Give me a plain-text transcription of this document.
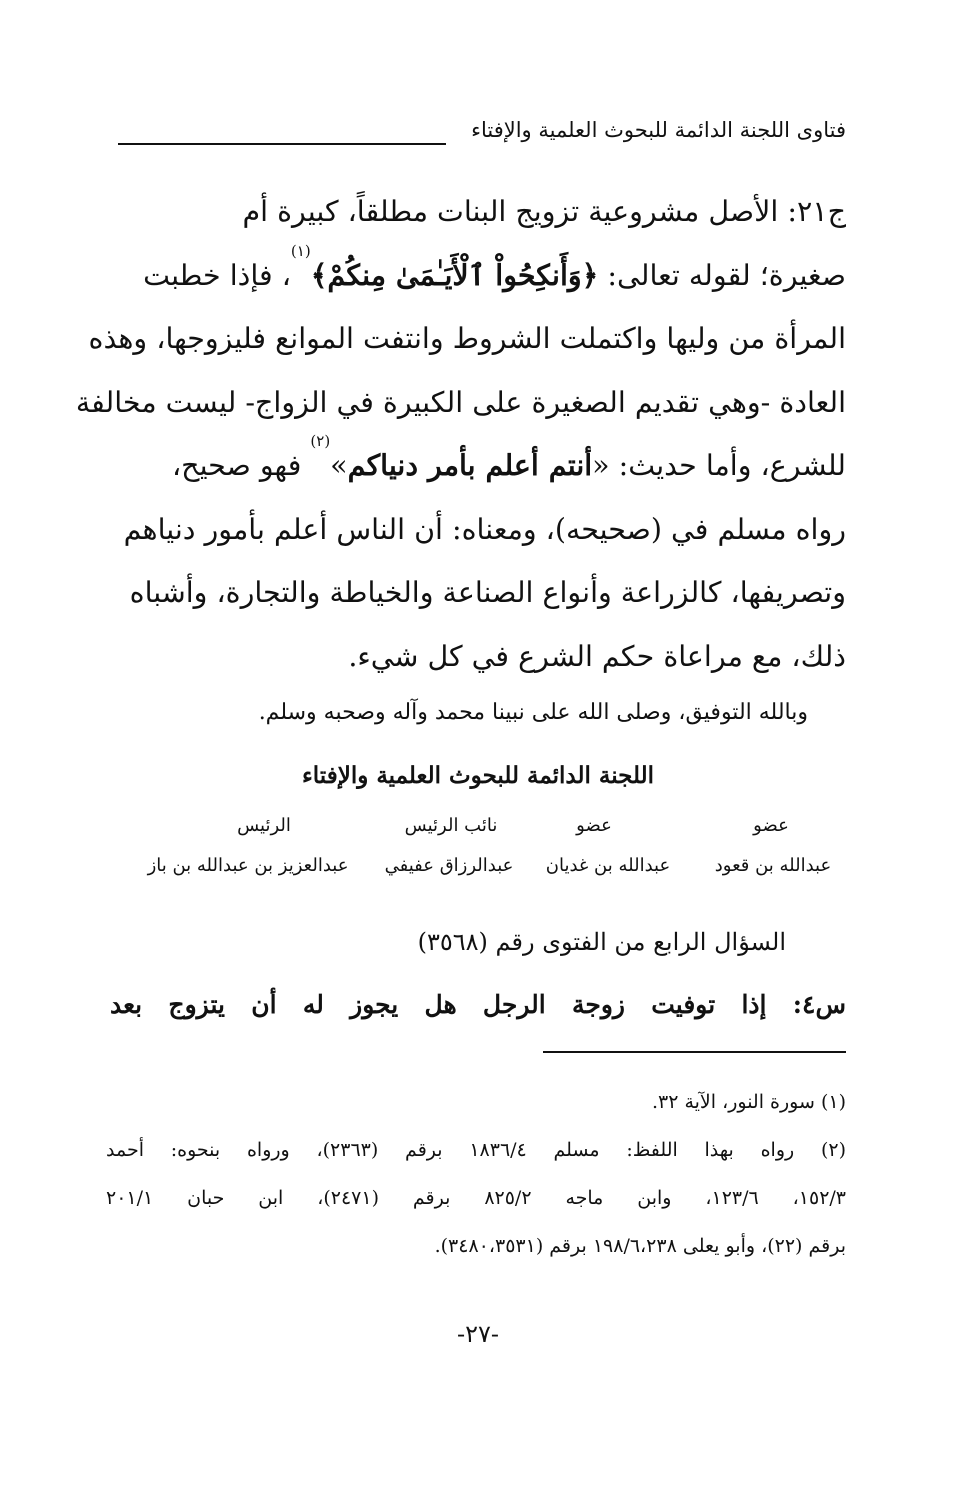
فتاوى اللجنة الدائمة للبحوث العلمية والإفتاء

ج٢١: الأصل مشروعية تزويج البنات مطلقاً، كبيرة أم
صغيرة؛ لقوله تعالى: ﴿وَأَنكِحُواْ ٱلْأَيَـٰمَىٰ مِنكُمْ﴾$^{(١)}$، فإذا خطبت
المرأة من وليها واكتملت الشروط وانتفت الموانع فليزوجها، وهذه
العادة -وهي تقديم الصغيرة على الكبيرة في الزواج- ليست مخالفة
للشرع، وأما حديث: «أنتم أعلم بأمر دنياكم»$^{(٢)}$ فهو صحيح،
رواه مسلم في (صحيحه)، ومعناه: أن الناس أعلم بأمور دنياهم
وتصريفها، كالزراعة وأنواع الصناعة والخياطة والتجارة، وأشباه
ذلك، مع مراعاة حكم الشرع في كل شيء.

وبالله التوفيق، وصلى الله على نبينا محمد وآله وصحبه وسلم.
اللجنة الدائمة للبحوث العلمية والإفتاء
عضو
عبدالله بن قعود
عضو
عبدالله بن غديان
نائب الرئيس
عبدالرزاق عفيفي
الرئيس
عبدالعزيز بن عبدالله بن باز
السؤال الرابع من الفتوى رقم (٣٥٦٨)
س٤: إذا توفيت زوجة الرجل هل يجوز له أن يتزوج بعد
(١) سورة النور، الآية ٣٢.
(٢) رواه بهذا اللفظ: مسلم ١٨٣٦/٤ برقم (٢٣٦٣)، ورواه بنحوه: أحمد
١٥٢/٣، ١٢٣/٦، وابن ماجه ٨٢٥/٢ برقم (٢٤٧١)، ابن حبان ٢٠١/١
برقم (٢٢)، وأبو يعلى ١٩٨/٦،٢٣٨ برقم (٣٤٨٠،٣٥٣١).
-٢٧-
